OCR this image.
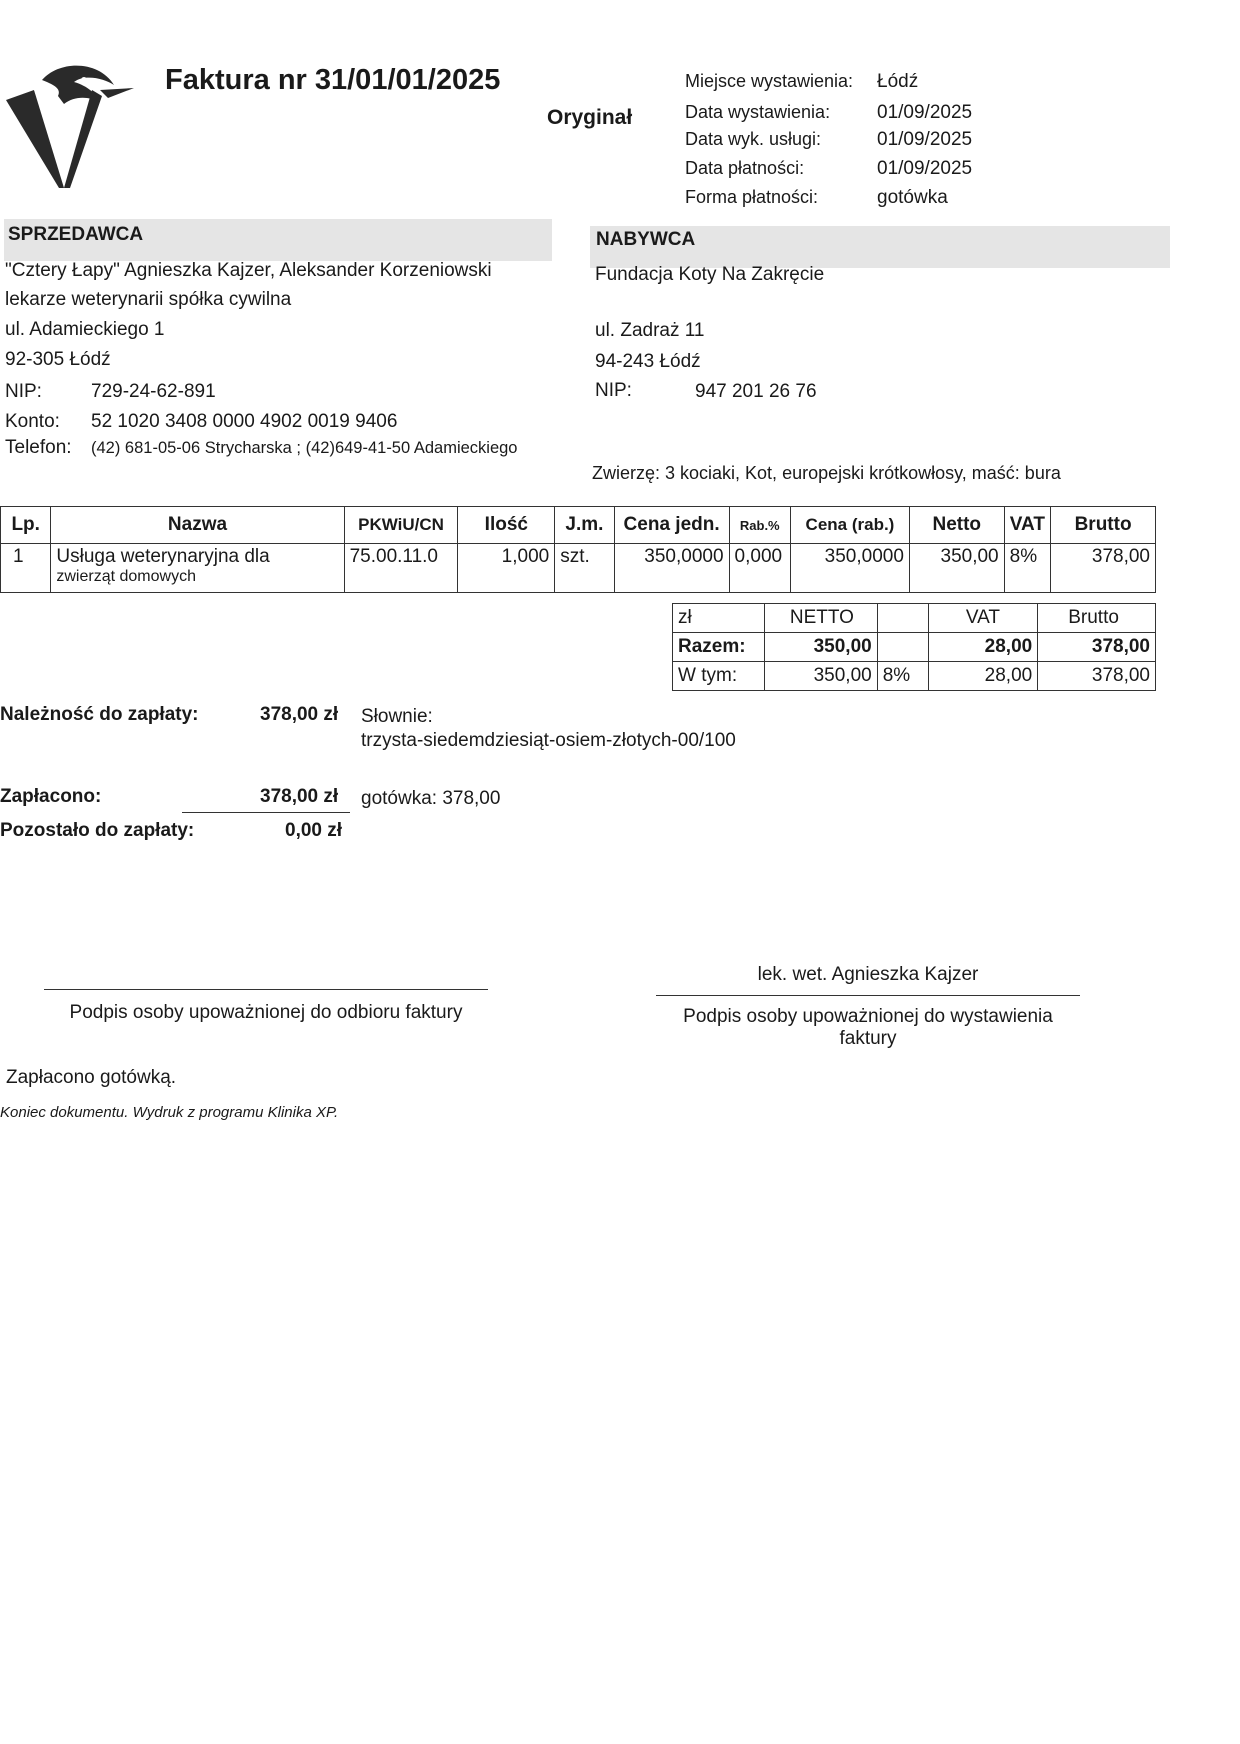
Faktura nr 31/01/01/2025
Oryginał
Miejsce wystawienia: Łódź
Data wystawienia: 01/09/2025
Data wyk. usługi:	01/09/2025
Data płatności:	01/09/2025
Forma płatności:	gotówka
SPRZEDAWCA
"Cztery Łapy" Agnieszka Kajzer, Aleksander Korzeniowski
lekarze weterynarii spółka cywilna
ul. Adamieckiego 1
92-305 Łódź
NIP:	729-24-62-891
Konto: 52 1020 3408 0000 4902 0019 9406
Telefon: (42) 681-05-06 Strycharska ; (42)649-41-50 Adamieckiego
NABYWCA
Fundacja Koty Na Zakręcie
ul. Zadraż 11
94-243 Łódź
NIP:	947 201 26 76
Zwierzę: 3 kociaki, Kot, europejski krótkowłosy, maść: bura
Lp.	Nazwa	PKWiU/CN	Ilość	J.m.	Cena jedn.	Rab.%	Cena (rab.)	Netto	VAT	Brutto
1	Usługa weterynaryjna dla
zwierząt domowych	75.00.11.0	1,000	szt.	350,0000	0,000	350,0000	350,00	8%	378,00
zł	NETTO		VAT	Brutto
Razem:	350,00		28,00	378,00
W tym:	350,00	8%	28,00	378,00
Należność do zapłaty:	378,00 zł Słownie:
trzysta-siedemdziesiąt-osiem-złotych-00/100
Zapłacono:	378,00 zł gotówka: 378,00
Pozostało do zapłaty:	0,00 zł
Podpis osoby upoważnionej do odbioru faktury
lek. wet. Agnieszka Kajzer
Podpis osoby upoważnionej do wystawienia
faktury
Zapłacono gotówką.
Koniec dokumentu. Wydruk z programu Klinika XP.
